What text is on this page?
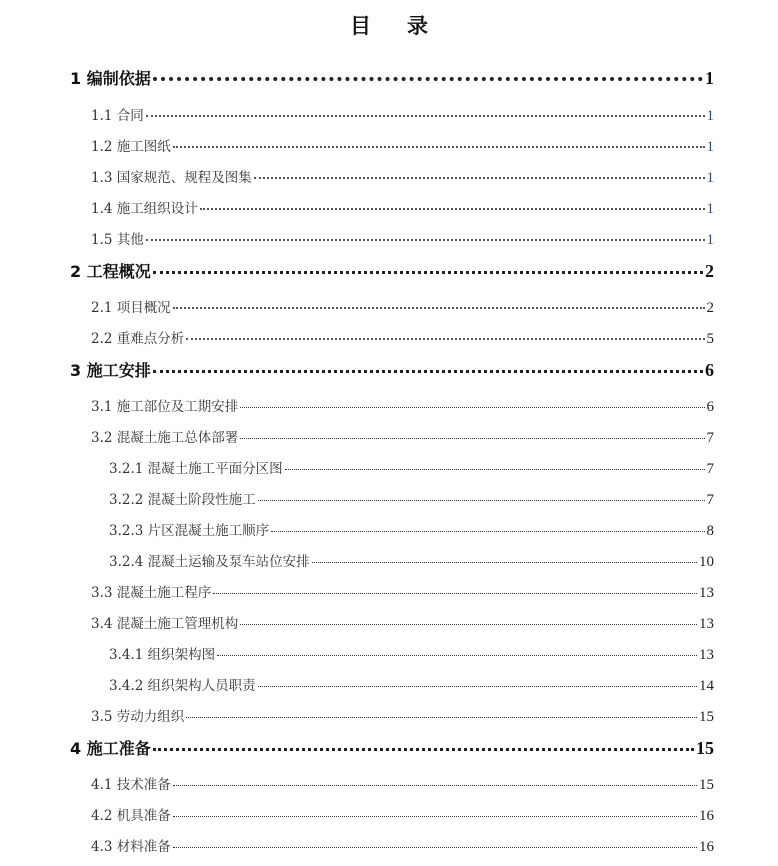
目 录
1 编制依据	1
1.1 合同	1
1.2 施工图纸	1
1.3 国家规范、规程及图集	1
1.4 施工组织设计	1
1.5 其他	1
2 工程概况	2
2.1 项目概况	2
2.2 重难点分析	5
3 施工安排	6
3.1 施工部位及工期安排	6
3.2 混凝土施工总体部署	7
3.2.1 混凝土施工平面分区图	7
3.2.2 混凝土阶段性施工	7
3.2.3 片区混凝土施工顺序	8
3.2.4 混凝土运输及泵车站位安排	10
3.3 混凝土施工程序	13
3.4 混凝土施工管理机构	13
3.4.1 组织架构图	13
3.4.2 组织架构人员职责	14
3.5 劳动力组织	15
4 施工准备	15
4.1 技术准备	15
4.2 机具准备	16
4.3 材料准备	16
